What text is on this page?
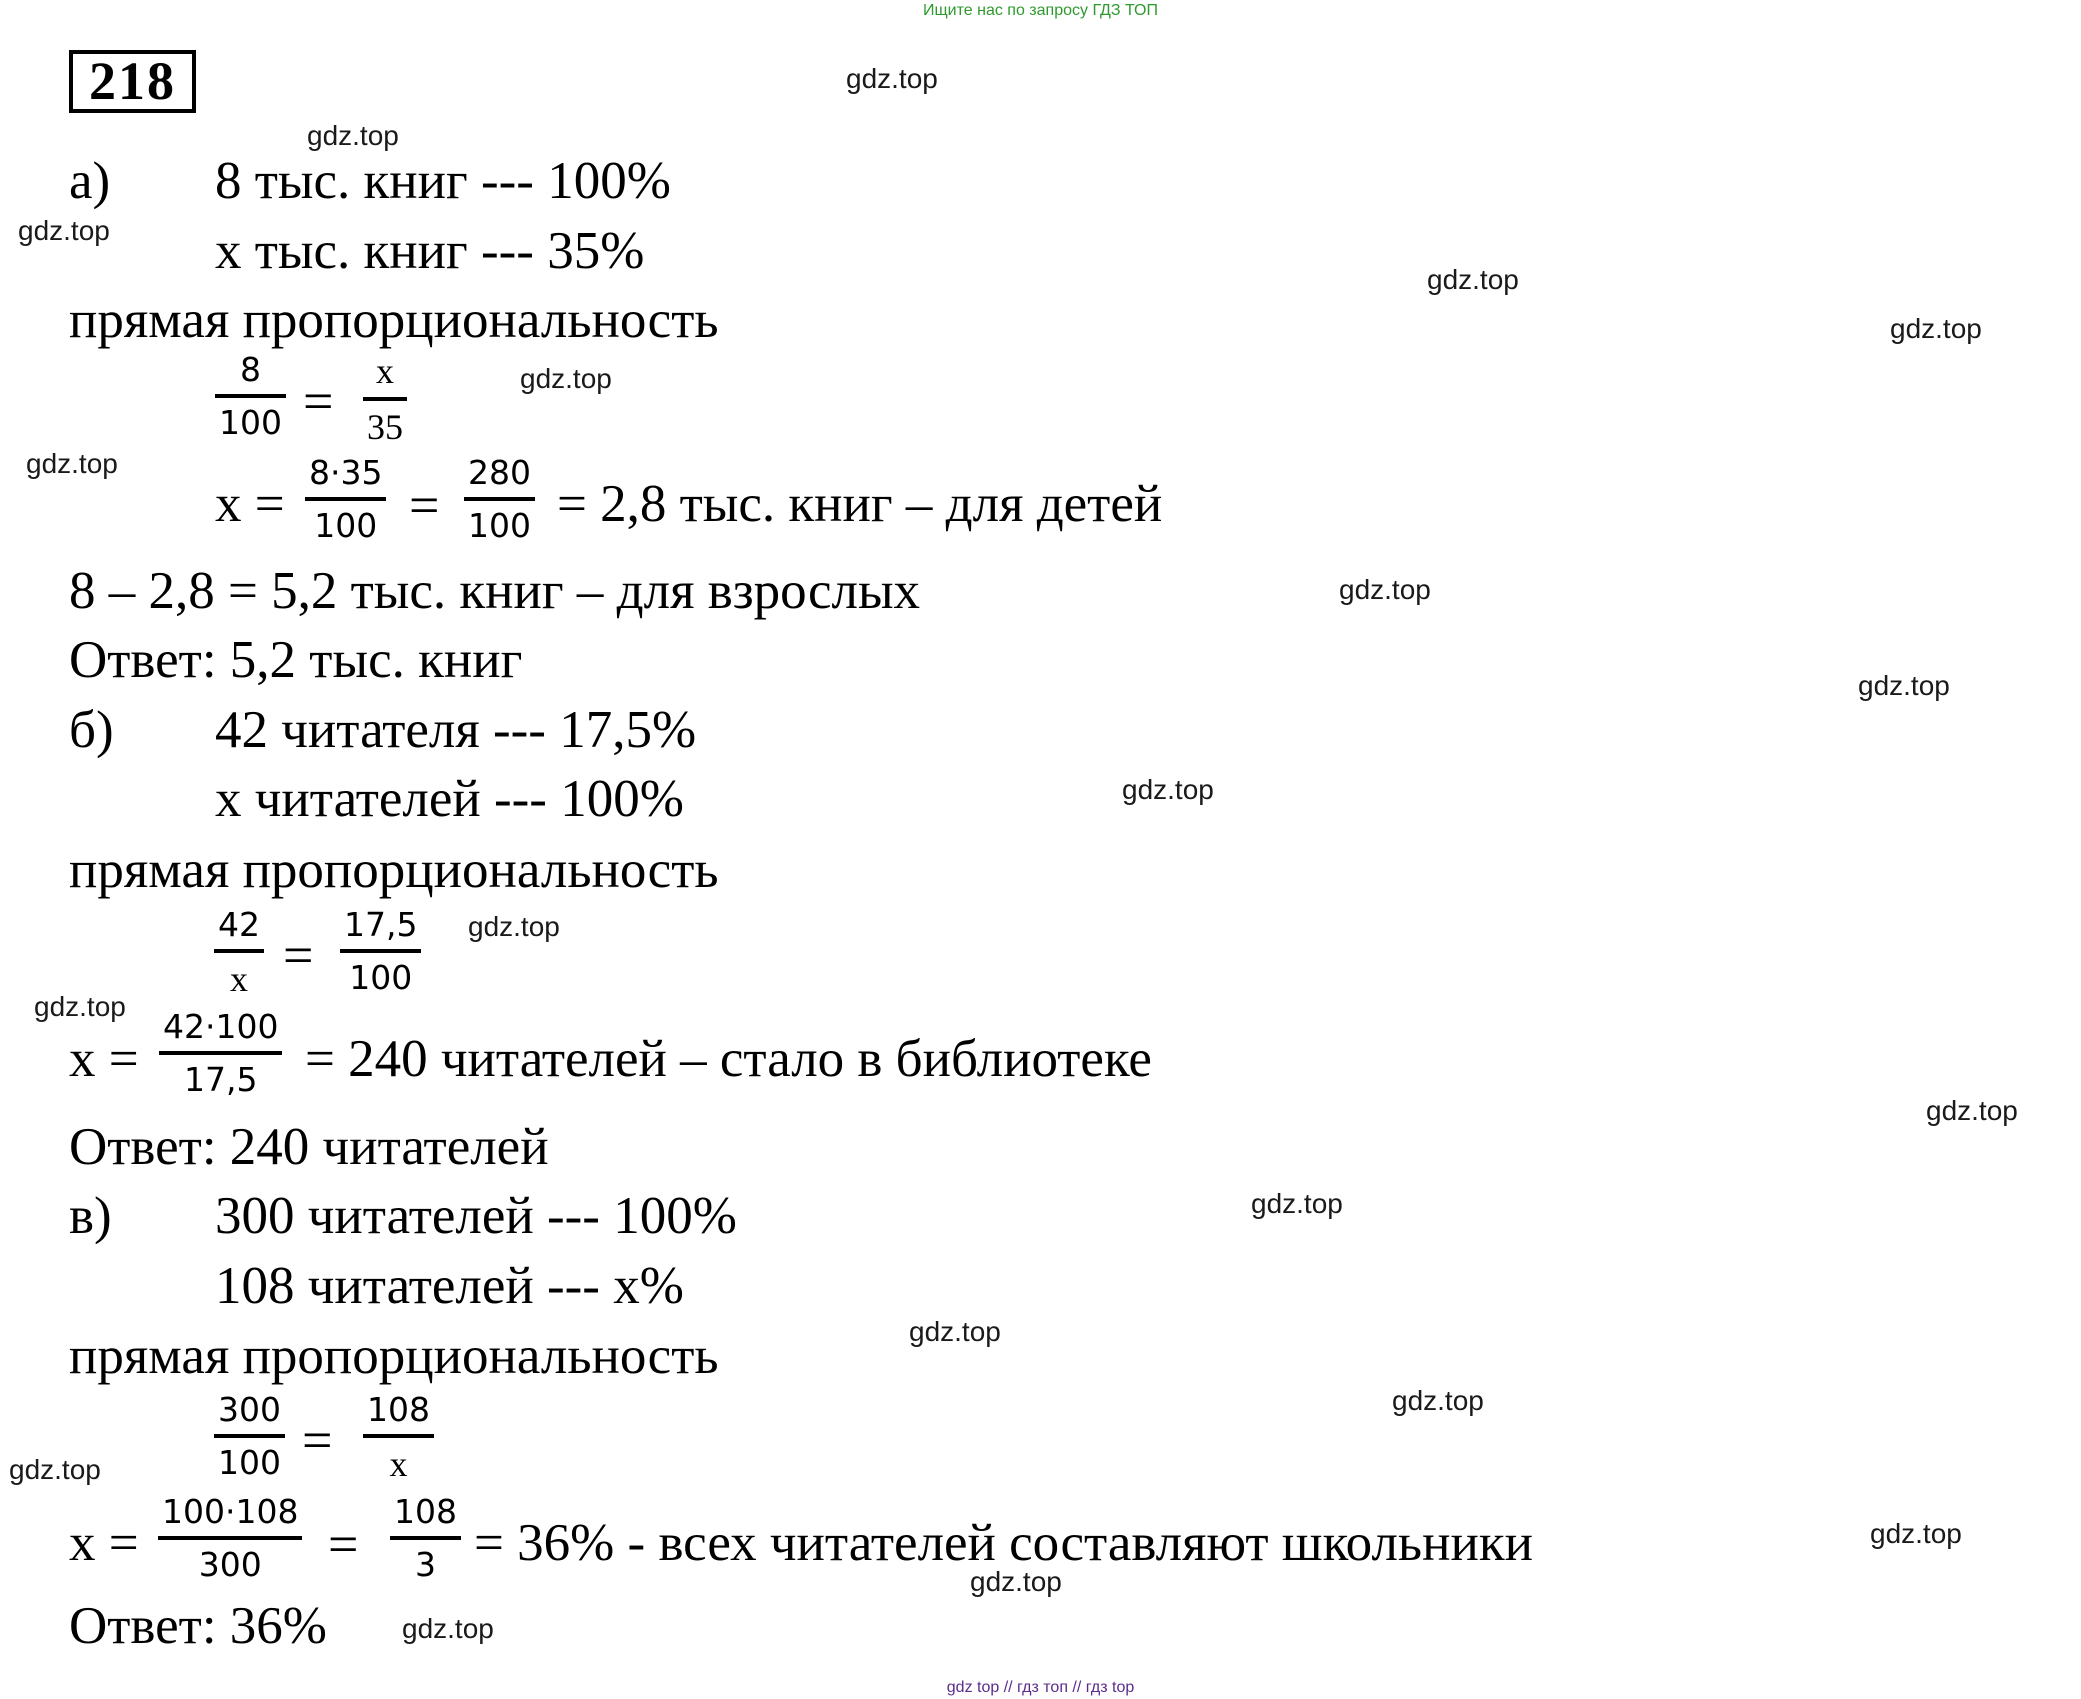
Ищите нас по запросу ГДЗ ТОП
218	gdz.top
gdz.top
gdz.top
gdz.top
gdz.top
gdz.top
gdz.top
gdz.top
gdz.top
gdz.top
gdz.top
gdz.top
gdz.top
gdz.top
gdz.top
gdz.top
gdz.top
gdz.top
gdz.top
gdz.top
а) 8 тыс. книг --- 100%
х тыс. книг --- 35%
прямая пропорциональность
8
100 = x
35
х =
8·35
100 =
280
100 = 2,8 тыс. книг – для детей
8 – 2,8 = 5,2 тыс. книг – для взрослых
Ответ: 5,2 тыс. книг
б) 42 читателя --- 17,5%
х читателей --- 100%
прямая пропорциональность
42
x =
17,5
100
х =
42·100
17,5 = 240 читателей – стало в библиотеке
Ответ: 240 читателей
в) 300 читателей --- 100%
108 читателей --- х%
прямая пропорциональность
300
100 =
108
x
х =
100·108
300 =
108
3 = 36% - всех читателей составляют школьники
Ответ: 36%
gdz top // гдз топ // гдз top
